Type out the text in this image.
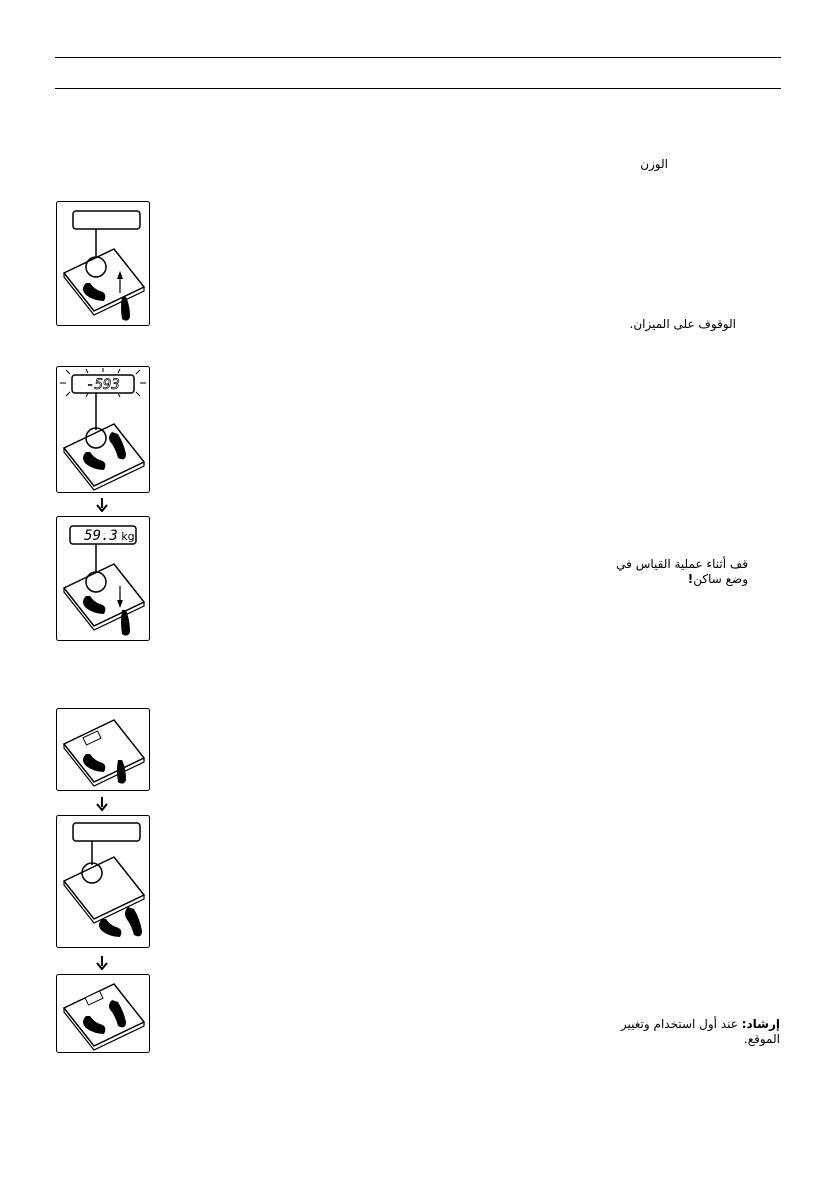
-593
59.3 kg
الوزن
الوقوف على الميزان.
قف أثناء عملية القياس في
وضع ساكن!
إرشاد: عند أول استخدام وتغيير
الموقع.
